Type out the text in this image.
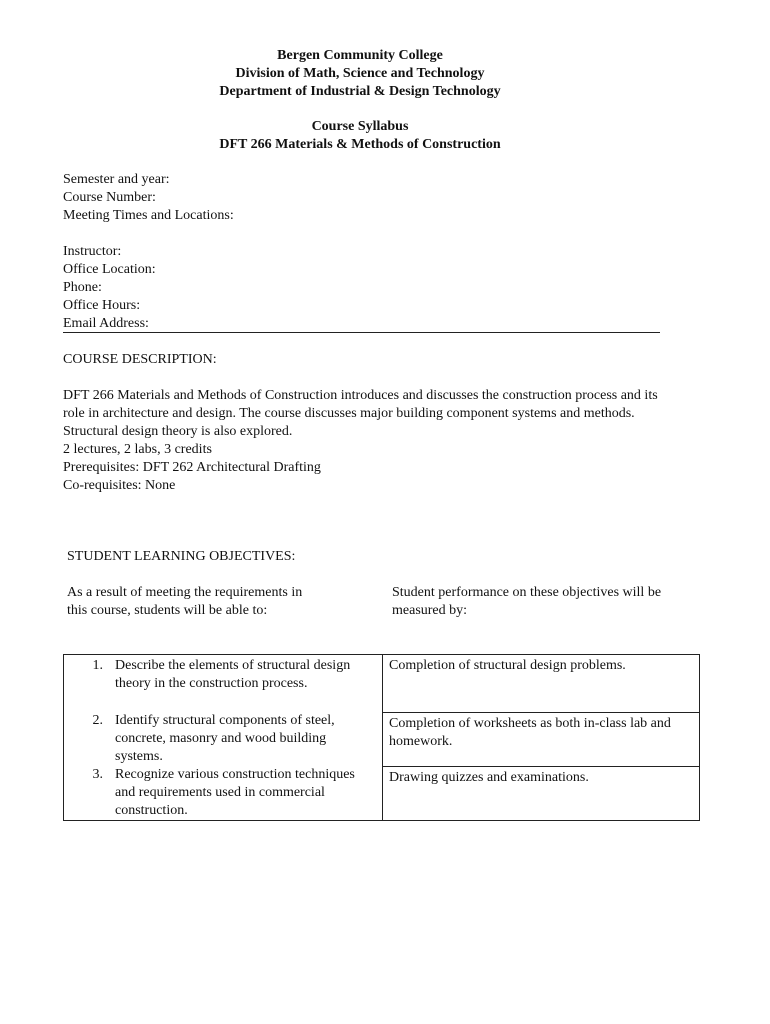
Bergen Community College
Division of Math, Science and Technology
Department of Industrial & Design Technology
Course Syllabus
DFT 266 Materials & Methods of Construction
Semester and year:
Course Number:
Meeting Times and Locations:
Instructor:
Office Location:
Phone:
Office Hours:
Email Address:
COURSE DESCRIPTION:
DFT 266 Materials and Methods of Construction introduces and discusses the construction process and its
role in architecture and design. The course discusses major building component systems and methods.
Structural design theory is also explored.
2 lectures, 2 labs, 3 credits
Prerequisites: DFT 262 Architectural Drafting
Co-requisites: None
STUDENT LEARNING OBJECTIVES:
As a result of meeting the requirements in
this course, students will be able to:
Student performance on these objectives will be
measured by:
1. Describe the elements of structural design theory in the construction process.	Completion of structural design problems.

2. Identify structural components of steel, concrete, masonry and wood building systems.	Completion of worksheets as both in-class lab and homework.

3. Recognize various construction techniques and requirements used in commercial construction.	Drawing quizzes and examinations.
